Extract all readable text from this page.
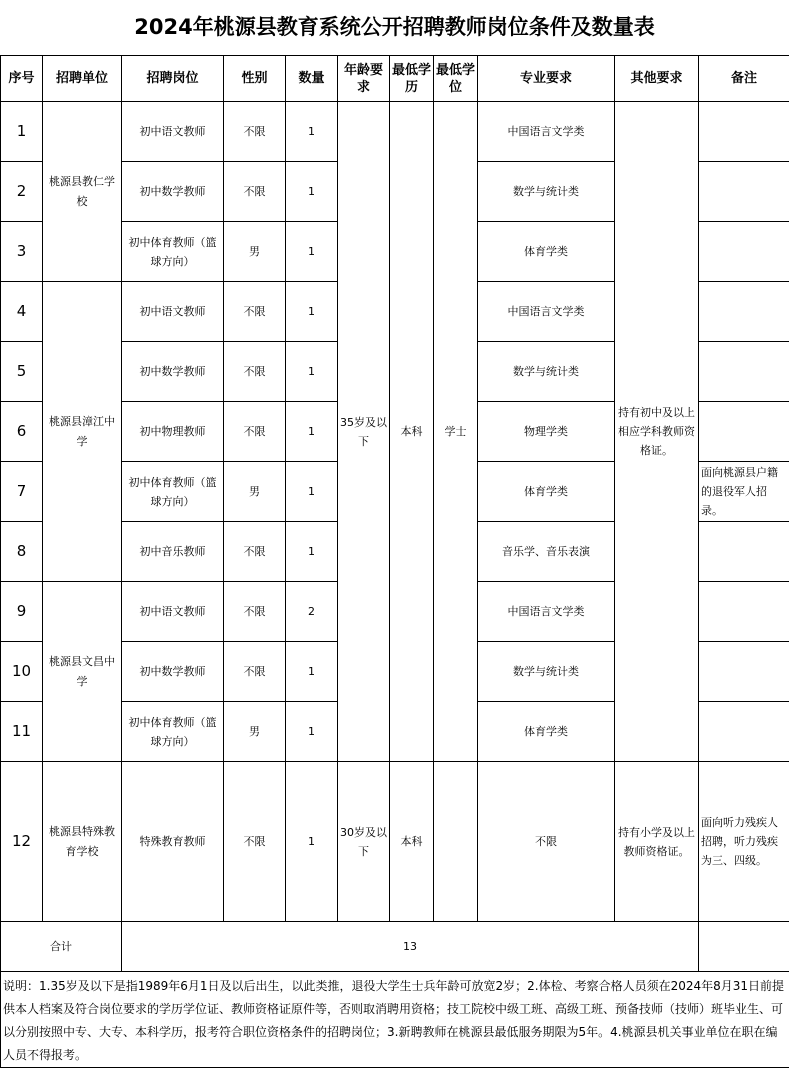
2024年桃源县教育系统公开招聘教师岗位条件及数量表
序号	招聘单位	招聘岗位	性别	数量	年龄要求	最低学历	最低学位	专业要求	其他要求	备注
1	桃源县教仁学校	初中语文教师	不限	1	35岁及以下	本科	学士	中国语言文学类	持有初中及以上相应学科教师资格证。	
2		初中数学教师	不限	1				数学与统计类		
3		初中体育教师（篮球方向）	男	1				体育学类		
4	桃源县漳江中学	初中语文教师	不限	1				中国语言文学类		
5		初中数学教师	不限	1				数学与统计类		
6		初中物理教师	不限	1				物理学类		
7		初中体育教师（篮球方向）	男	1				体育学类		面向桃源县户籍的退役军人招录。
8		初中音乐教师	不限	1				音乐学、音乐表演		
9	桃源县文昌中学	初中语文教师	不限	2				中国语言文学类		
10		初中数学教师	不限	1				数学与统计类		
11		初中体育教师（篮球方向）	男	1				体育学类		
12	桃源县特殊教育学校	特殊教育教师	不限	1	30岁及以下	本科		不限	持有小学及以上教师资格证。	面向听力残疾人招聘，听力残疾为三、四级。
合计		13								
说明：1.35岁及以下是指1989年6月1日及以后出生，以此类推，退役大学生士兵年龄可放宽2岁；2.体检、考察合格人员须在2024年8月31日前提供本人档案及符合岗位要求的学历学位证、教师资格证原件等，否则取消聘用资格；技工院校中级工班、高级工班、预备技师（技师）班毕业生、可以分别按照中专、大专、本科学历，报考符合职位资格条件的招聘岗位；3.新聘教师在桃源县最低服务期限为5年。4.桃源县机关事业单位在职在编人员不得报考。										
